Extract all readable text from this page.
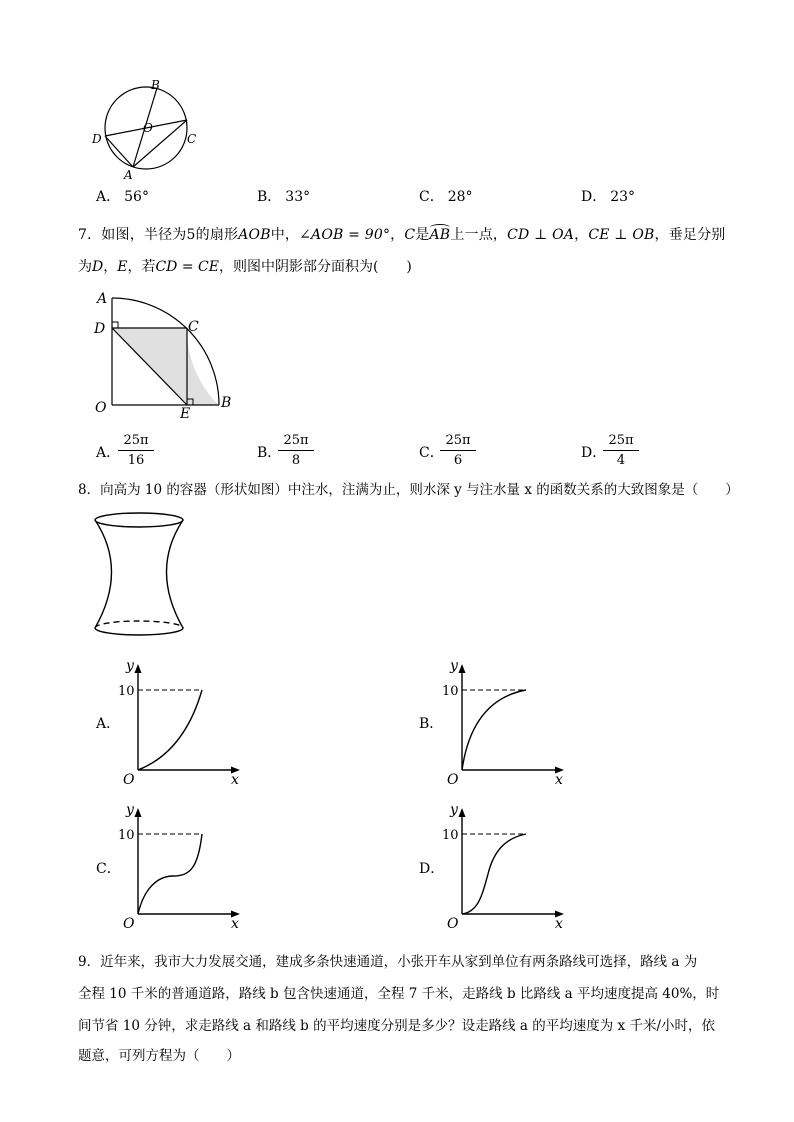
B
O
D	C
A
A． 56°	B． 33°	C． 28°	D． 23°
7．如图，半径为5的扇形AOB中，∠AOB = 90°，C是AB上一点，CD ⊥ OA，CE ⊥ OB，垂足分别
为D，E，若CD = CE，则图中阴影部分面积为(　　)
A
D	C
O	E
B
A．
$\frac{25\pi}{16}$	B．
$\frac{25\pi}{8}$	C．
$\frac{25\pi}{6}$	D．
$\frac{25\pi}{4}$
8．向高为 10 的容器（形状如图）中注水，注满为止，则水深 y 与注水量 x 的函数关系的大致图象是（　　）
A．
y
10
O	x
B．
y
10
O	x
C．
y
10
O	x
D．
y
10
O	x
9．近年来，我市大力发展交通，建成多条快速通道，小张开车从家到单位有两条路线可选择，路线 a 为
全程 10 千米的普通道路，路线 b 包含快速通道，全程 7 千米，走路线 b 比路线 a 平均速度提高 40%，时
间节省 10 分钟，求走路线 a 和路线 b 的平均速度分别是多少？设走路线 a 的平均速度为 x 千米/小时，依
题意，可列方程为（　　）
